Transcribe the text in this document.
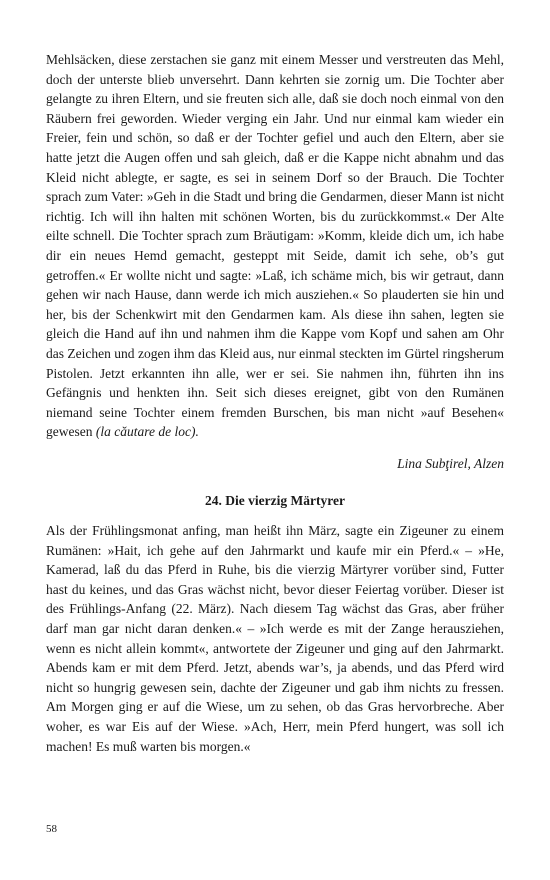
Mehlsäcken, diese zerstachen sie ganz mit einem Messer und verstreuten das Mehl, doch der unterste blieb unversehrt. Dann kehrten sie zornig um. Die Tochter aber gelangte zu ihren Eltern, und sie freuten sich alle, daß sie doch noch einmal von den Räubern frei geworden. Wieder verging ein Jahr. Und nur einmal kam wieder ein Freier, fein und schön, so daß er der Tochter gefiel und auch den Eltern, aber sie hatte jetzt die Augen offen und sah gleich, daß er die Kappe nicht abnahm und das Kleid nicht ablegte, er sagte, es sei in seinem Dorf so der Brauch. Die Tochter sprach zum Vater: »Geh in die Stadt und bring die Gendarmen, dieser Mann ist nicht richtig. Ich will ihn halten mit schönen Worten, bis du zurückkommst.« Der Alte eilte schnell. Die Tochter sprach zum Bräutigam: »Komm, kleide dich um, ich habe dir ein neues Hemd gemacht, gesteppt mit Seide, damit ich sehe, ob’s gut getroffen.« Er wollte nicht und sagte: »Laß, ich schäme mich, bis wir getraut, dann gehen wir nach Hause, dann werde ich mich ausziehen.« So plauderten sie hin und her, bis der Schenkwirt mit den Gendarmen kam. Als diese ihn sahen, legten sie gleich die Hand auf ihn und nahmen ihm die Kappe vom Kopf und sahen am Ohr das Zeichen und zogen ihm das Kleid aus, nur einmal steckten im Gürtel ringsherum Pistolen. Jetzt erkannten ihn alle, wer er sei. Sie nahmen ihn, führten ihn ins Gefängnis und henkten ihn. Seit sich dieses ereignet, gibt von den Rumänen niemand seine Tochter einem fremden Burschen, bis man nicht »auf Besehen« gewesen (la căutare de loc).

Lina Subţirel, Alzen

24. Die vierzig Märtyrer

Als der Frühlingsmonat anfing, man heißt ihn März, sagte ein Zigeuner zu einem Rumänen: »Hait, ich gehe auf den Jahrmarkt und kaufe mir ein Pferd.« – »He, Kamerad, laß du das Pferd in Ruhe, bis die vierzig Märtyrer vorüber sind, Futter hast du keines, und das Gras wächst nicht, bevor dieser Feiertag vorüber. Dieser ist des Frühlings-Anfang (22. März). Nach diesem Tag wächst das Gras, aber früher darf man gar nicht daran denken.« – »Ich werde es mit der Zange herausziehen, wenn es nicht allein kommt«, antwortete der Zigeuner und ging auf den Jahrmarkt. Abends kam er mit dem Pferd. Jetzt, abends war’s, ja abends, und das Pferd wird nicht so hungrig gewesen sein, dachte der Zigeuner und gab ihm nichts zu fressen. Am Morgen ging er auf die Wiese, um zu sehen, ob das Gras hervorbreche. Aber woher, es war Eis auf der Wiese. »Ach, Herr, mein Pferd hungert, was soll ich machen! Es muß warten bis morgen.«

58
